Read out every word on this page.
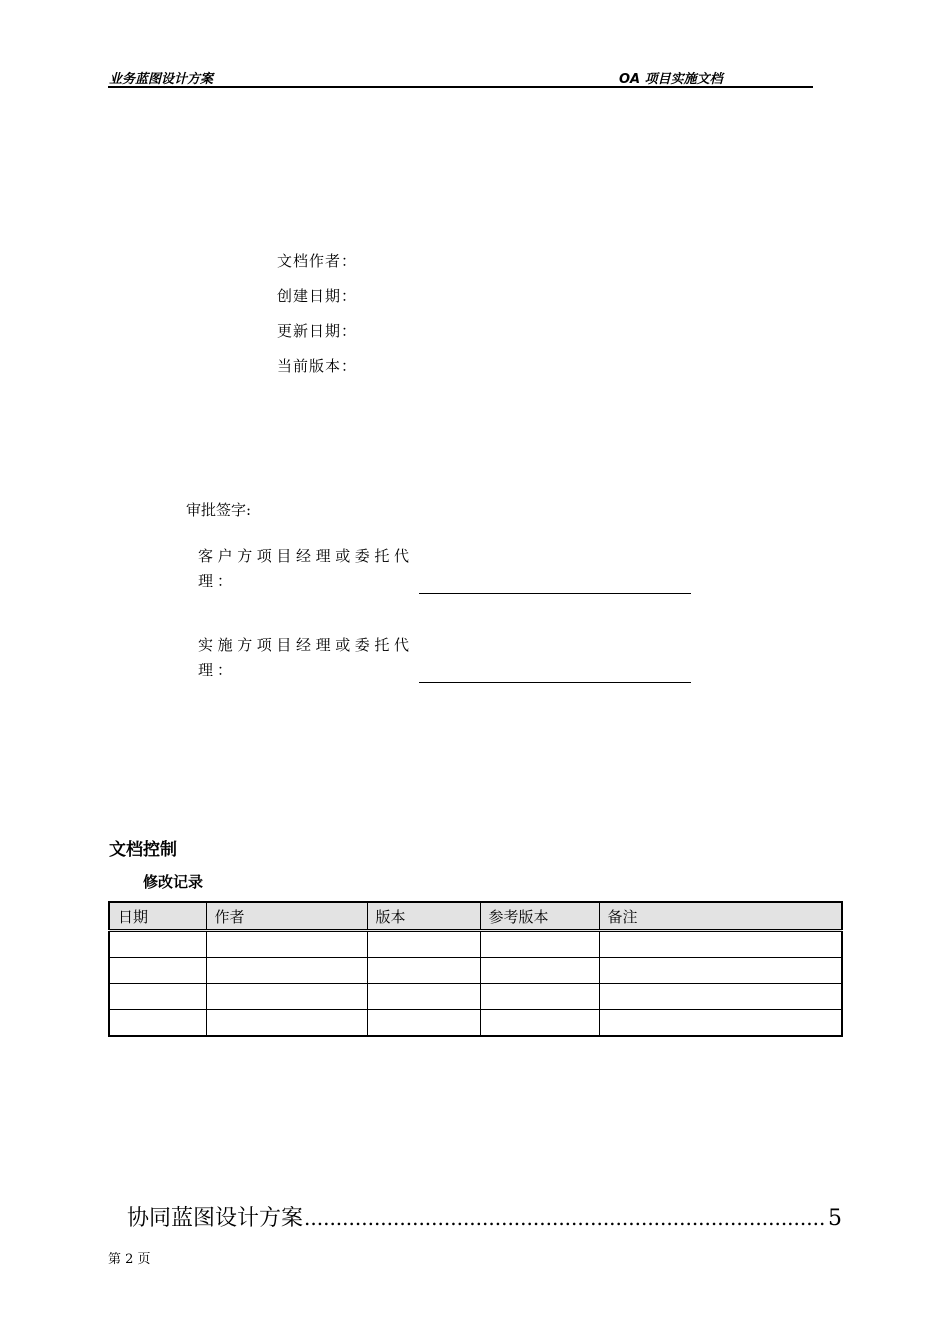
业务蓝图设计方案	OA 项目实施文档
文档作者：
创建日期：
更新日期：
当前版本：
审批签字:
客户方项目经理或委托代理：
实施方项目经理或委托代理：
文档控制
修改记录
日期	作者	版本	参考版本	备注

协同蓝图设计方案 .....	5
第 2 页
